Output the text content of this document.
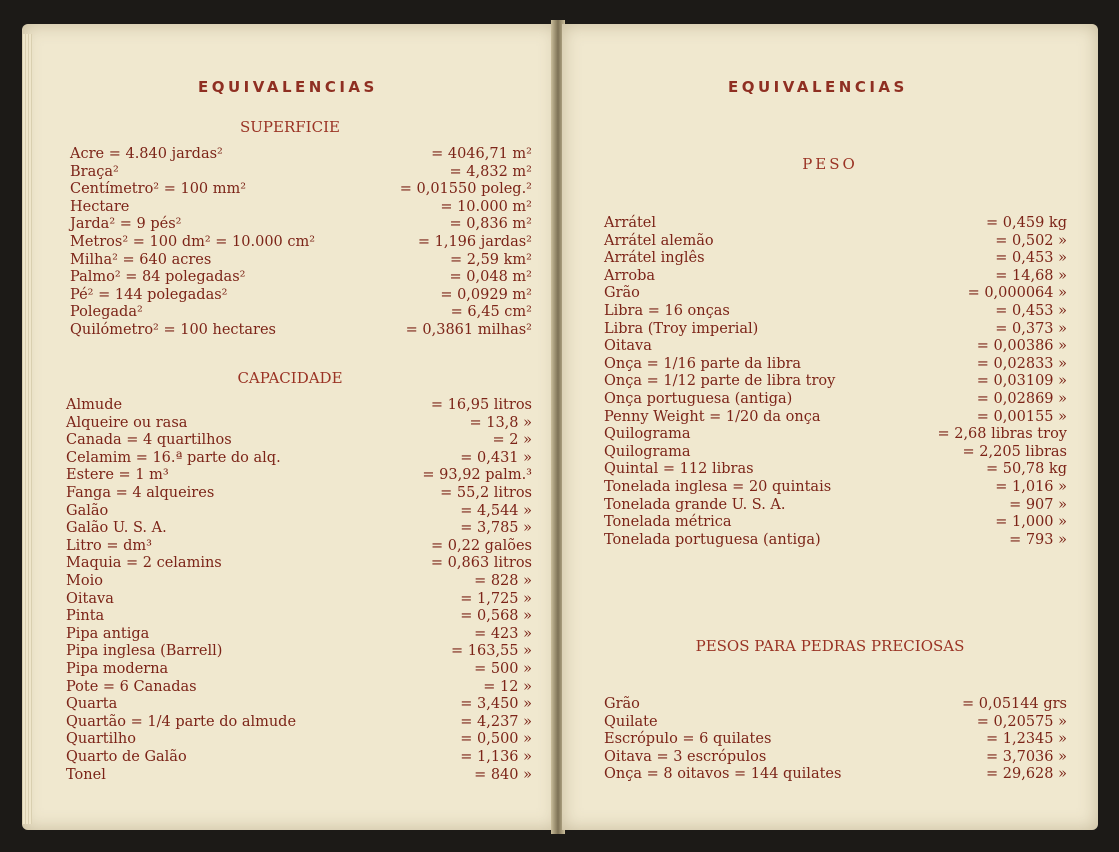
EQUIVALENCIAS
SUPERFICIE
Acre = 4.840 jardas²	= 4046,71 m²
Braça²	= 4,832 m²
Centímetro² = 100 mm²	= 0,01550 poleg.²
Hectare	= 10.000 m²
Jarda² = 9 pés²	= 0,836 m²
Metros² = 100 dm² = 10.000 cm²	= 1,196 jardas²
Milha² = 640 acres	= 2,59 km²
Palmo² = 84 polegadas²	= 0,048 m²
Pé² = 144 polegadas²	= 0,0929 m²
Polegada²	= 6,45 cm²
Quilómetro² = 100 hectares	= 0,3861 milhas²
CAPACIDADE
Almude	= 16,95 litros
Alqueire ou rasa	= 13,8 »
Canada = 4 quartilhos	= 2 »
Celamim = 16.ª parte do alq.	= 0,431 »
Estere = 1 m³	= 93,92 palm.³
Fanga = 4 alqueires	= 55,2 litros
Galão	= 4,544 »
Galão U. S. A.	= 3,785 »
Litro = dm³	= 0,22 galões
Maquia = 2 celamins	= 0,863 litros
Moio	= 828 »
Oitava	= 1,725 »
Pinta	= 0,568 »
Pipa antiga	= 423 »
Pipa inglesa (Barrell)	= 163,55 »
Pipa moderna	= 500 »
Pote = 6 Canadas	= 12 »
Quarta	= 3,450 »
Quartão = 1/4 parte do almude	= 4,237 »
Quartilho	= 0,500 »
Quarto de Galão	= 1,136 »
Tonel	= 840 »
EQUIVALENCIAS
PESO
Arrátel	= 0,459 kg
Arrátel alemão	= 0,502 »
Arrátel inglês	= 0,453 »
Arroba	= 14,68 »
Grão	= 0,000064 »
Libra = 16 onças	= 0,453 »
Libra (Troy imperial)	= 0,373 »
Oitava	= 0,00386 »
Onça = 1/16 parte da libra	= 0,02833 »
Onça = 1/12 parte de libra troy	= 0,03109 »
Onça portuguesa (antiga)	= 0,02869 »
Penny Weight = 1/20 da onça	= 0,00155 »
Quilograma	= 2,68 libras troy
Quilograma	= 2,205 libras
Quintal = 112 libras	= 50,78 kg
Tonelada inglesa = 20 quintais	= 1,016 »
Tonelada grande U. S. A.	= 907 »
Tonelada métrica	= 1,000 »
Tonelada portuguesa (antiga)	= 793 »
PESOS PARA PEDRAS PRECIOSAS
Grão	= 0,05144 grs
Quilate	= 0,20575 »
Escrópulo = 6 quilates	= 1,2345 »
Oitava = 3 escrópulos	= 3,7036 »
Onça = 8 oitavos = 144 quilates	= 29,628 »
